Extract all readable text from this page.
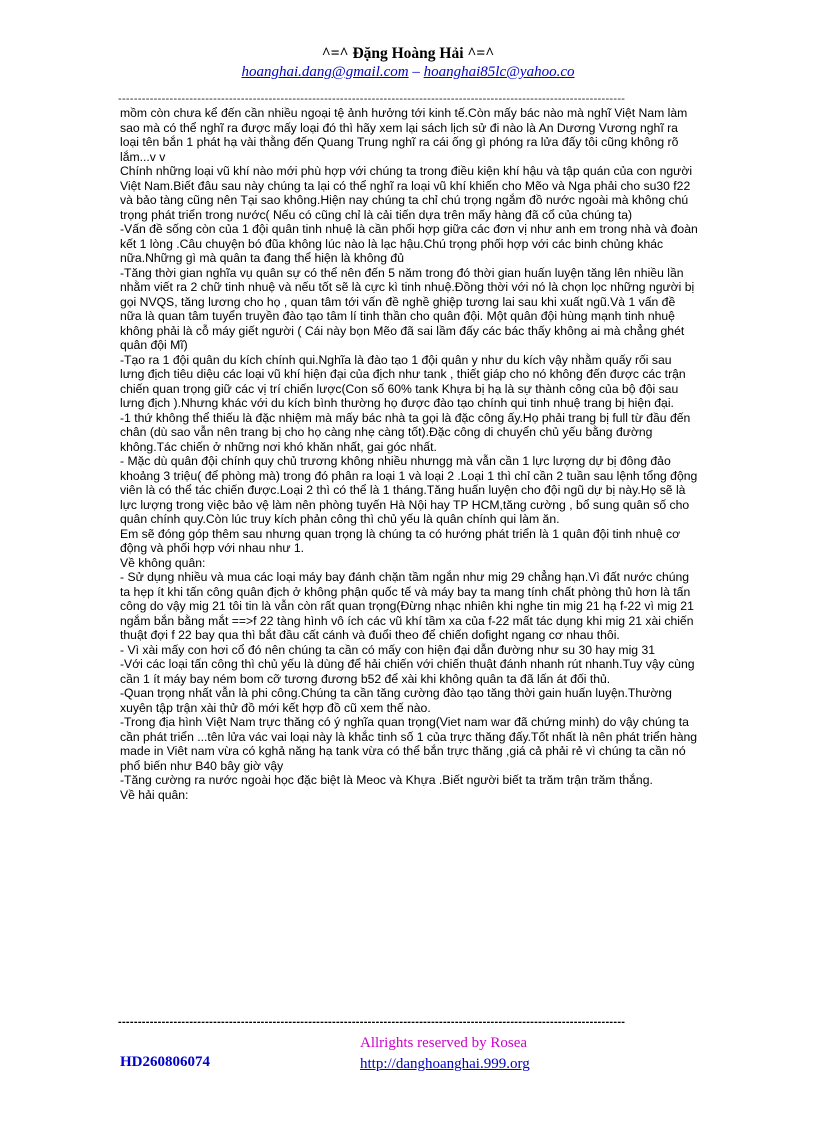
^=^ Đặng Hoàng Hải ^=^
hoanghai.dang@gmail.com – hoanghai85lc@yahoo.co
--------------------------------------------------------------------------------------------------------------------------------

mồm còn chưa kể đến cần nhiều ngoại tệ ảnh hưởng tới kinh tế.Còn mấy bác nào mà nghĩ Việt Nam làm sao mà có thể nghĩ ra được mấy loại đó thì hãy xem lại sách lịch sử đi nào là An Dương Vương nghĩ ra loại tên bắn 1 phát hạ vài thằng đến Quang Trung nghĩ ra cái ống gì phóng ra lửa đấy tôi cũng không rõ lắm...v v

Chính những loại vũ khí nào mới phù hợp với chúng ta trong điều kiện khí hậu và tập quán của con người Việt Nam.Biết đâu sau này chúng ta lại có thể nghĩ ra loại vũ khí khiến cho Mẽo và Nga phải cho su30 f22 và bảo tàng cũng nên Tại sao không.Hiện nay chúng ta chỉ chú trọng ngắm đồ nước ngoài mà không chú trọng phát triển trong nước( Nếu có cũng chỉ là cải tiến dựa trên mấy hàng đã cổ của chúng ta)

-Vấn đề sống còn của 1 đội quân tinh nhuệ là cần phối hợp giữa các đơn vị như anh em trong nhà và đoàn kết 1 lòng .Câu chuyện bó đũa không lúc nào là lạc hậu.Chú trọng phối hợp với các binh chủng khác nữa.Những gì mà quân ta đang thể hiện là không đủ

-Tăng thời gian nghĩa vụ quân sự có thể nên đến 5 năm trong đó thời gian huấn luyện tăng lên nhiều lần nhằm viết ra 2 chữ tinh nhuệ và nếu tốt sẽ là cực kì tinh nhuệ.Đồng thời với nó là chọn lọc những người bị gọi NVQS, tăng lương cho họ , quan tâm tới vấn đề nghề ghiệp tương lai sau khi xuất ngũ.Và 1 vấn đề nữa là quan tâm tuyển truyền đào tạo tâm lí tinh thần cho quân đội. Một quân đội hùng mạnh tinh nhuệ không phải là cỗ máy giết người ( Cái này bọn Mẽo đã sai lầm đấy các bác thấy không ai mà chẳng ghét quân đội Mĩ)

-Tạo ra 1 đội quân du kích chính qui.Nghĩa là đào tạo 1 đội quân y như du kích vậy nhằm quấy rối sau lưng địch tiêu diệu các loại vũ khí hiện đại của địch như tank , thiết giáp cho nó không đến được các trận chiến quan trọng giữ các vị trí chiến lược(Con số 60% tank Khựa bị hạ là sự thành công của bộ đội sau lưng địch ).Nhưng khác với du kích bình thường họ được đào tạo chính qui tinh nhuệ trang bị hiện đại.

-1 thứ không thể thiếu là đặc nhiệm mà mấy bác nhà ta gọi là đặc công ấy.Họ phải trang bị full từ đầu đến chân (dù sao vẫn nên trang bị cho họ càng nhẹ càng tốt).Đặc công di chuyển chủ yếu bằng đường không.Tác chiến ở những nơi khó khăn nhất, gai góc nhất.

- Mặc dù quân đội chính quy chủ trương không nhiều nhưngg mà vẫn cần 1 lực lượng dự bị đông đảo khoảng 3 triệu( để phòng mà) trong đó phân ra loại 1 và loại 2 .Loại 1 thì chỉ cần 2 tuần sau lệnh tổng động viên là có thể tác chiến được.Loại 2 thì có thể là 1 tháng.Tăng huấn luyện cho đội ngũ dự bị này.Họ sẽ là lực lượng trong việc bảo vệ làm nên phòng tuyến Hà Nội hay TP HCM,tăng cường , bổ sung quân số cho quân chính quy.Còn lúc truy kích phản công thì chủ yếu là quân chính qui làm ăn.

Em sẽ đóng góp thêm sau nhưng quan trọng là chúng ta có hướng phát triển là 1 quân đội tinh nhuệ cơ động và phối hợp với nhau như 1.

Về không quân:

- Sử dụng nhiều và mua các loại máy bay đánh chặn tầm ngắn như mig 29 chẳng hạn.Vì đất nước chúng ta hẹp ít khi tấn công quân địch ở không phận quốc tế và máy bay ta mang tính chất phòng thủ hơn là tấn công do vậy mig 21 tôi tin là vẫn còn rất quan trọng(Đừng nhạc nhiên khi nghe tin mig 21 hạ f-22 vì mig 21 ngắm bắn bằng mắt ==>f 22 tàng hình vô ích các vũ khí tầm xa của f-22 mất tác dụng khi mig 21 xài chiến thuật đợi f 22 bay qua thì bắt đầu cất cánh và đuổi theo để chiến dofight ngang cơ nhau thôi.

- Vì xài mấy con hơi cổ đó nên chúng ta cần có mấy con hiện đại dẫn đường như su 30 hay mig 31

-Với các loại tấn công thì chủ yếu là dùng để hải chiến với chiến thuật đánh nhanh rút nhanh.Tuy vậy cùng cần 1 ít máy bay ném bom cỡ tương đương b52 để xài khi không quân ta đã lấn át đối thủ.

-Quan trọng nhất vẫn là phi công.Chúng ta cần tăng cường đào tạo tăng thời gain huấn luyện.Thường xuyên tập trận xài thử đồ mới kết hợp đồ cũ xem thế nào.

-Trong địa hình Việt Nam trực thăng có ý nghĩa quan trọng(Viet nam war đã chứng minh) do vậy chúng ta cần phát triển ...tên lửa vác vai loại này là khắc tinh số 1 của trực thăng đấy.Tốt nhất là nên phát triển hàng made in Viêt nam vừa có kghả năng hạ tank vừa có thể bắn trực thăng ,giá cả phải rẻ vì chúng ta cần nó phổ biến như B40 bây giờ vậy

-Tăng cường ra nước ngoài học đặc biệt là Meoc và Khựa .Biết người biết ta trăm trận trăm thắng.

Về hải quân:

--------------------------------------------------------------------------------------------------------------------------------
HD260806074
Allrights reserved by Rosea
http://danghoanghai.999.org
